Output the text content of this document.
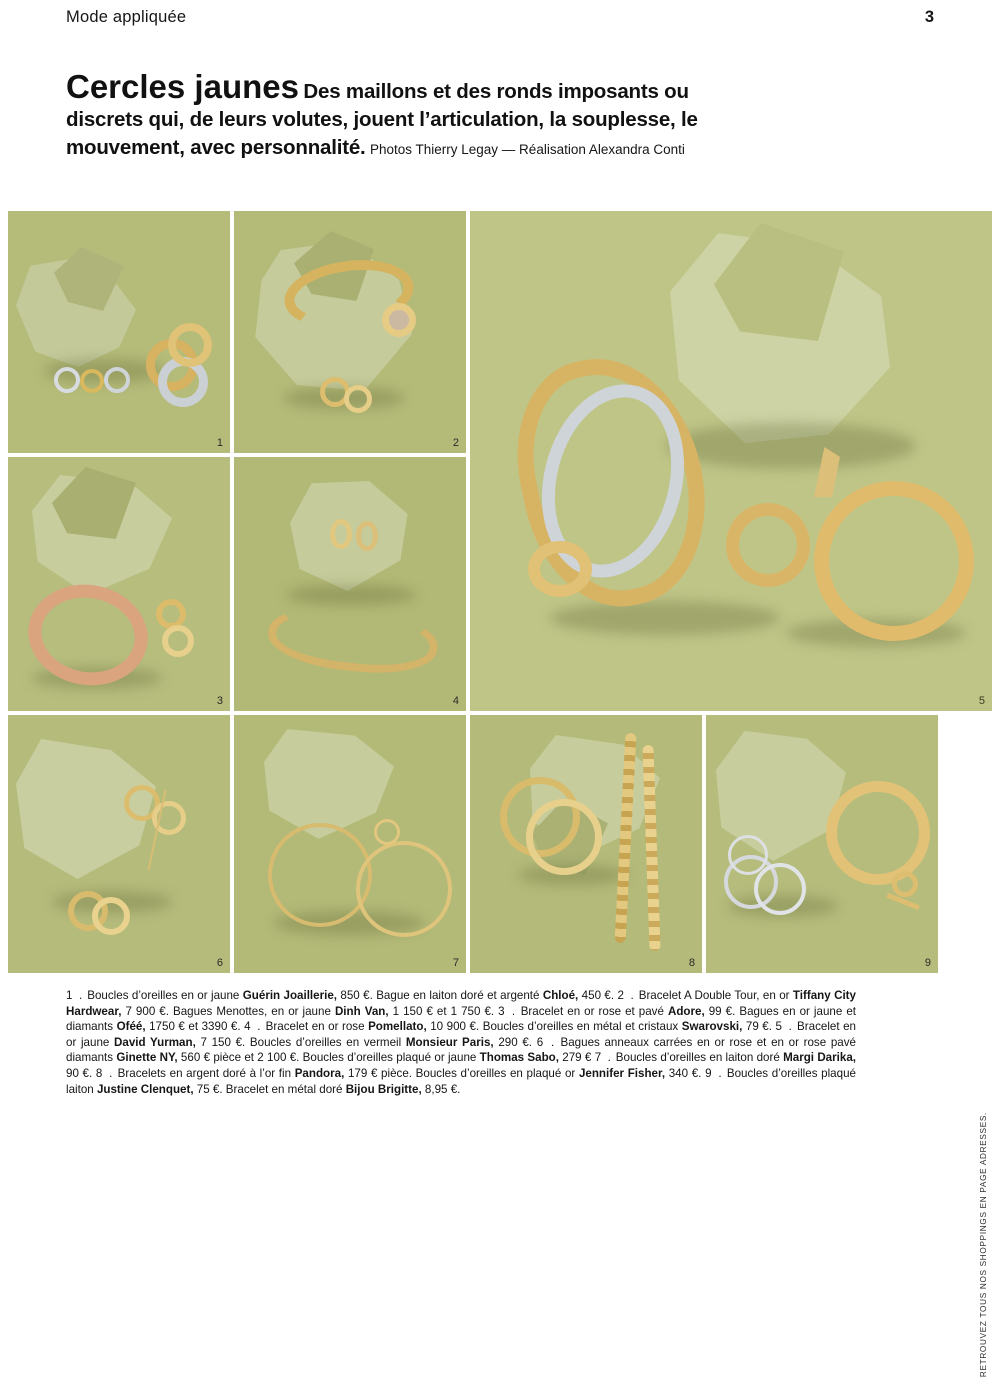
Mode appliquée	3

Cercles jaunes Des maillons et des ronds imposants ou discrets qui, de leurs volutes, jouent l’articulation, la souplesse, le mouvement, avec personnalité. Photos Thierry Legay — Réalisation Alexandra Conti

1	2
3	4	5
6	7	8	9
1 . Boucles d’oreilles en or jaune Guérin Joaillerie, 850 €. Bague en laiton doré et argenté Chloé, 450 €. 2 . Bracelet A Double Tour, en or Tiffany City Hardwear, 7 900 €. Bagues Menottes, en or jaune Dinh Van, 1 150 € et 1 750 €. 3 . Bracelet en or rose et pavé Adore, 99 €. Bagues en or jaune et diamants Oféé, 1750 € et 3390 €. 4 . Bracelet en or rose Pomellato, 10 900 €. Boucles d’oreilles en métal et cristaux Swarovski, 79 €. 5 . Bracelet en or jaune David Yurman, 7 150 €. Boucles d’oreilles en vermeil Monsieur Paris, 290 €. 6 . Bagues anneaux carrées en or rose et en or rose pavé diamants Ginette NY, 560 € pièce et 2 100 €. Boucles d’oreilles plaqué or jaune Thomas Sabo, 279 € 7 . Boucles d’oreilles en laiton doré Margi Darika, 90 €. 8 . Bracelets en argent doré à l’or fin Pandora, 179 € pièce. Boucles d’oreilles en plaqué or Jennifer Fisher, 340 €. 9 . Boucles d’oreilles plaqué laiton Justine Clenquet, 75 €. Bracelet en métal doré Bijou Brigitte, 8,95 €.
RETROUVEZ TOUS NOS SHOPPINGS EN PAGE ADRESSES.
